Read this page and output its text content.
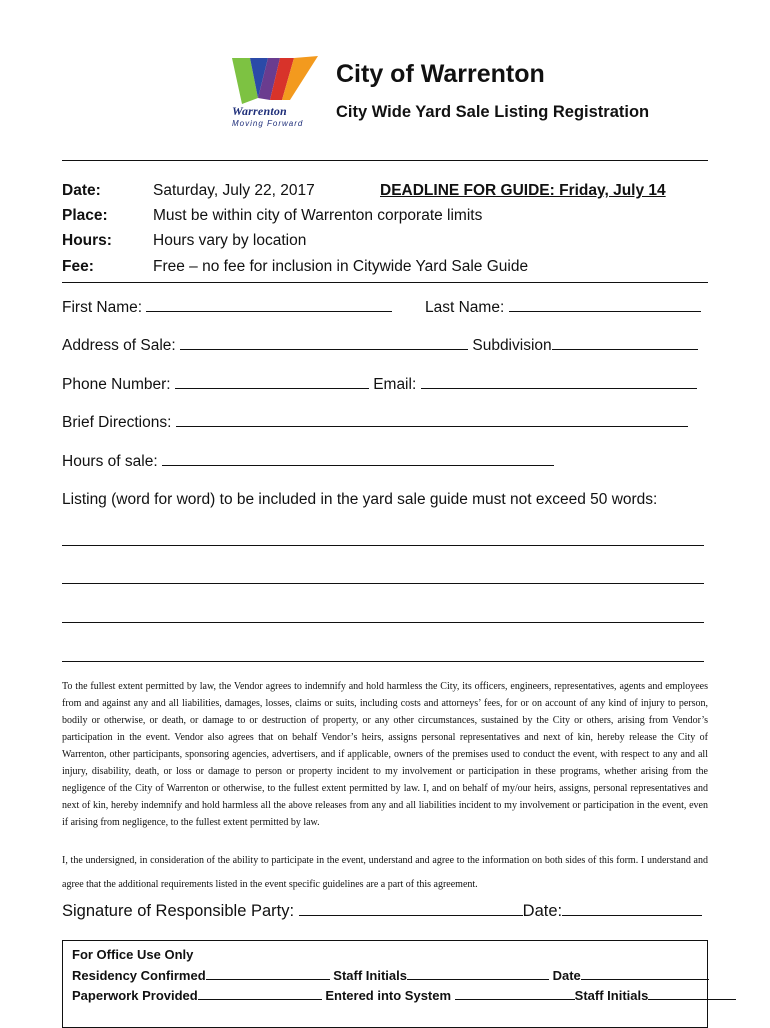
Warrenton
Moving Forward
City of Warrenton
City Wide Yard Sale Listing Registration
Date:	Saturday, July 22, 2017	DEADLINE FOR GUIDE: Friday, July 14
Place:	Must be within city of Warrenton corporate limits
Hours:	Hours vary by location
Fee:	Free – no fee for inclusion in Citywide Yard Sale Guide
First Name:	Last Name:
Address of Sale:	Subdivision
Phone Number:	Email:
Brief Directions:
Hours of sale:
Listing (word for word) to be included in the yard sale guide must not exceed 50 words:
To the fullest extent permitted by law, the Vendor agrees to indemnify and hold harmless the City, its officers, engineers, representatives, agents and employees from and against any and all liabilities, damages, losses, claims or suits, including costs and attorneys’ fees, for or on account of any kind of injury to person, bodily or otherwise, or death, or damage to or destruction of property, or any other circumstances, sustained by the City or others, arising from Vendor’s participation in the event. Vendor also agrees that on behalf Vendor’s heirs, assigns personal representatives and next of kin, hereby release the City of Warrenton, other participants, sponsoring agencies, advertisers, and if applicable, owners of the premises used to conduct the event, with respect to any and all injury, disability, death, or loss or damage to person or property incident to my involvement or participation in these programs, whether arising from the negligence of the City of Warrenton or otherwise, to the fullest extent permitted by law. I, and on behalf of my/our heirs, assigns, personal representatives and next of kin, hereby indemnify and hold harmless all the above releases from any and all liabilities incident to my involvement or participation in the event, even if arising from negligence, to the fullest extent permitted by law.
I, the undersigned, in consideration of the ability to participate in the event, understand and agree to the information on both sides of this form. I understand and agree that the additional requirements listed in the event specific guidelines are a part of this agreement.
Signature of Responsible Party:	Date:
For Office Use Only
Residency Confirmed	Staff Initials	Date
Paperwork Provided	Entered into System	Staff Initials
